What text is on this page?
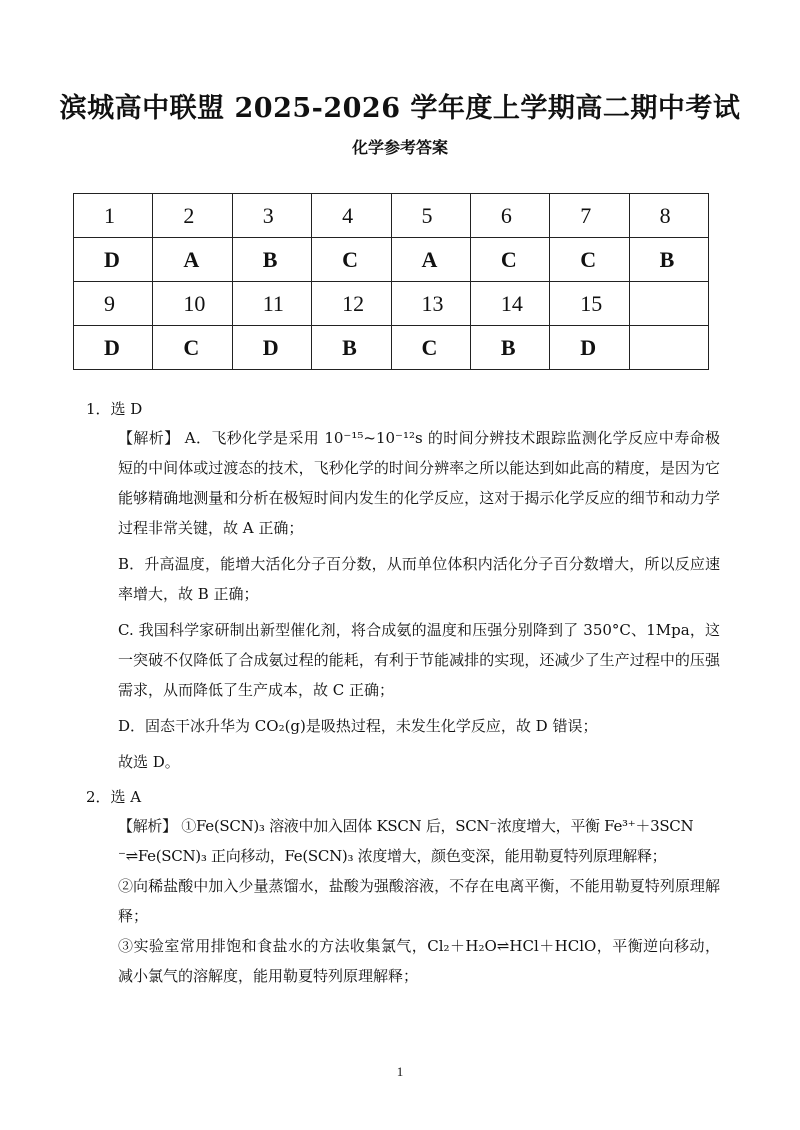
滨城高中联盟 2025-2026 学年度上学期高二期中考试
化学参考答案
1	2	3	4	5	6	7	8
D	A	B	C	A	C	C	B
9	10	11	12	13	14	15	
D	C	D	B	C	B	D	
1．选 D
【解析】 A．飞秒化学是采用 10⁻¹⁵~10⁻¹²s 的时间分辨技术跟踪监测化学反应中寿命极短的中间体或过渡态的技术，飞秒化学的时间分辨率之所以能达到如此高的精度，是因为它能够精确地测量和分析在极短时间内发生的化学反应，这对于揭示化学反应的细节和动力学过程非常关键，故 A 正确；
B．升高温度，能增大活化分子百分数，从而单位体积内活化分子百分数增大，所以反应速率增大，故 B 正确；
C. 我国科学家研制出新型催化剂，将合成氨的温度和压强分别降到了 350°C、1Mpa，这一突破不仅降低了合成氨过程的能耗，有利于节能减排的实现，还减少了生产过程中的压强需求，从而降低了生产成本，故 C 正确；
D．固态干冰升华为 CO₂(g)是吸热过程，未发生化学反应，故 D 错误；
故选 D。
2．选 A
【解析】 ①Fe(SCN)₃ 溶液中加入固体 KSCN 后，SCN⁻浓度增大，平衡 Fe³⁺＋3SCN
⁻⇌Fe(SCN)₃ 正向移动，Fe(SCN)₃ 浓度增大，颜色变深，能用勒夏特列原理解释；
②向稀盐酸中加入少量蒸馏水，盐酸为强酸溶液，不存在电离平衡，不能用勒夏特列原理解释；
③实验室常用排饱和食盐水的方法收集氯气，Cl₂＋H₂O⇌HCl＋HClO，平衡逆向移动，减小氯气的溶解度，能用勒夏特列原理解释；
1
